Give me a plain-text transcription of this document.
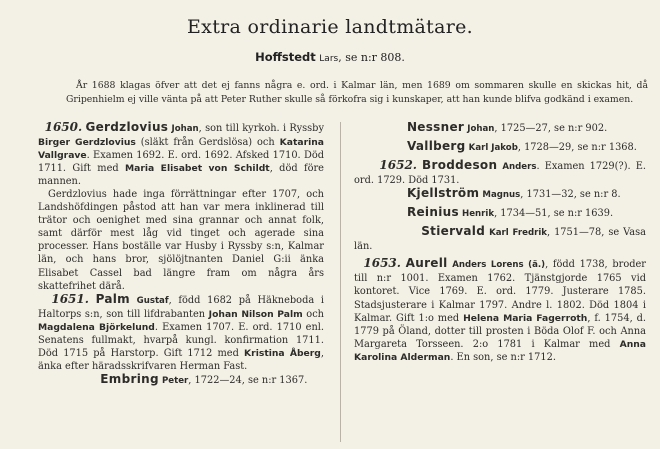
Extra ordinarie landtmätare.
Hoffstedt Lars, se n:r 808.

År 1688 klagas öfver att det ej fanns några e. ord. i Kalmar län, men 1689 om sommaren skulle en skickas hit, då Gripenhielm ej ville vänta på att Peter Ruther skulle så förkofra sig i kunskaper, att han kunde blifva godkänd i examen.

1650. Gerdzlovius Johan, son till kyrkoh. i Ryssby Birger Gerdzlovius (släkt från Gerdslösa) och Katarina Vallgrave. Examen 1692. E. ord. 1692. Afsked 1710. Död 1711. Gift med Maria Elisabet von Schildt, död före mannen.

Gerdzlovius hade inga förrättningar efter 1707, och Landshöfdingen påstod att han var mera inklinerad till trätor och oenighet med sina grannar och annat folk, samt därför mest låg vid tinget och agerade sina processer. Hans boställe var Husby i Ryssby s:n, Kalmar län, och hans bror, sjölöjtnanten Daniel G:ii änka Elisabet Cassel bad längre fram om några års skattefrihet därå.

1651. Palm Gustaf, född 1682 på Häkneboda i Haltorps s:n, son till lifdrabanten Johan Nilson Palm och Magdalena Björkelund. Examen 1707. E. ord. 1710 enl. Senatens fullmakt, hvarpå kungl. konfirmation 1711. Död 1715 på Harstorp. Gift 1712 med Kristina Åberg, änka efter häradsskrifvaren Herman Fast.

Embring Peter, 1722—24, se n:r 1367.

Nessner Johan, 1725—27, se n:r 902.

Vallberg Karl Jakob, 1728—29, se n:r 1368.

1652. Broddeson Anders. Examen 1729(?). E. ord. 1729. Död 1731.

Kjellström Magnus, 1731—32, se n:r 8.

Reinius Henrik, 1734—51, se n:r 1639.

Stiervald Karl Fredrik, 1751—78, se Vasa län.

1653. Aurell Anders Lorens (ä.), född 1738, broder till n:r 1001. Examen 1762. Tjänstgjorde 1765 vid kontoret. Vice 1769. E. ord. 1779. Justerare 1785. Stadsjusterare i Kalmar 1797. Andre l. 1802. Död 1804 i Kalmar. Gift 1:o med Helena Maria Fagerroth, f. 1754, d. 1779 på Öland, dotter till prosten i Böda Olof F. och Anna Margareta Torsseen. 2:o 1781 i Kalmar med Anna Karolina Alderman. En son, se n:r 1712.
